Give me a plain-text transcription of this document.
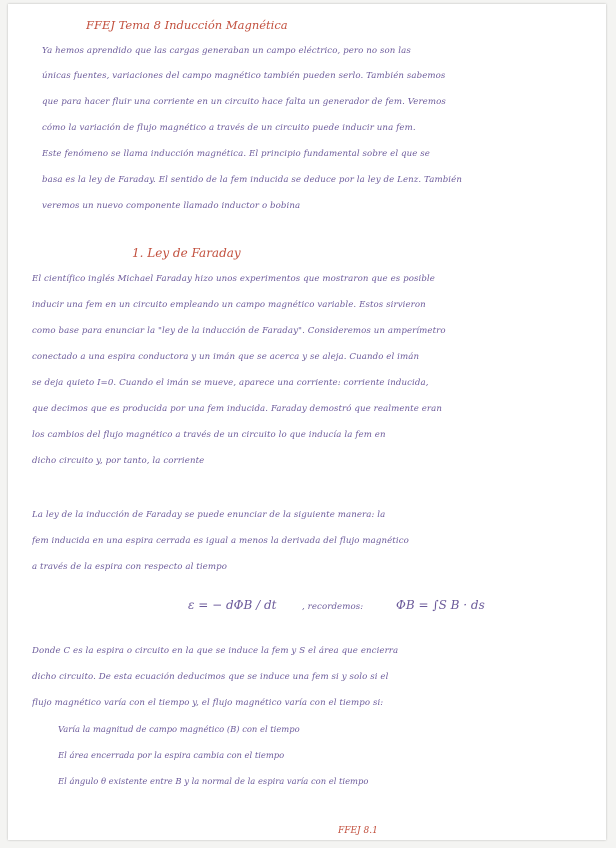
FFEJ Tema 8 Inducción Magnética
Ya hemos aprendido que las cargas generaban un campo eléctrico, pero no son las
únicas fuentes, variaciones del campo magnético también pueden serlo. También sabemos
que para hacer fluir una corriente en un circuito hace falta un generador de fem. Veremos
cómo la variación de flujo magnético a través de un circuito puede inducir una fem.
Este fenómeno se llama inducción magnética. El principio fundamental sobre el que se
basa es la ley de Faraday. El sentido de la fem inducida se deduce por la ley de Lenz. También
veremos un nuevo componente llamado inductor o bobina
1. Ley de Faraday
El científico inglés Michael Faraday hizo unos experimentos que mostraron que es posible
inducir una fem en un circuito empleando un campo magnético variable. Estos sirvieron
como base para enunciar la "ley de la inducción de Faraday". Consideremos un amperímetro
conectado a una espira conductora y un imán que se acerca y se aleja. Cuando el imán
se deja quieto I=0. Cuando el imán se mueve, aparece una corriente: corriente inducida,
que decimos que es producida por una fem inducida. Faraday demostró que realmente eran
los cambios del flujo magnético a través de un circuito lo que inducía la fem en
dicho circuito y, por tanto, la corriente
La ley de la inducción de Faraday se puede enunciar de la siguiente manera: la
fem inducida en una espira cerrada es igual a menos la derivada del flujo magnético
a través de la espira con respecto al tiempo
ε = − dΦB / dt	, recordemos:	ΦB = ∫S B · ds
Donde C es la espira o circuito en la que se induce la fem y S el área que encierra
dicho circuito. De esta ecuación deducimos que se induce una fem si y solo si el
flujo magnético varía con el tiempo y, el flujo magnético varía con el tiempo si:
Varía la magnitud de campo magnético (B) con el tiempo
El área encerrada por la espira cambia con el tiempo
El ángulo θ existente entre B y la normal de la espira varía con el tiempo
FFEJ 8.1
